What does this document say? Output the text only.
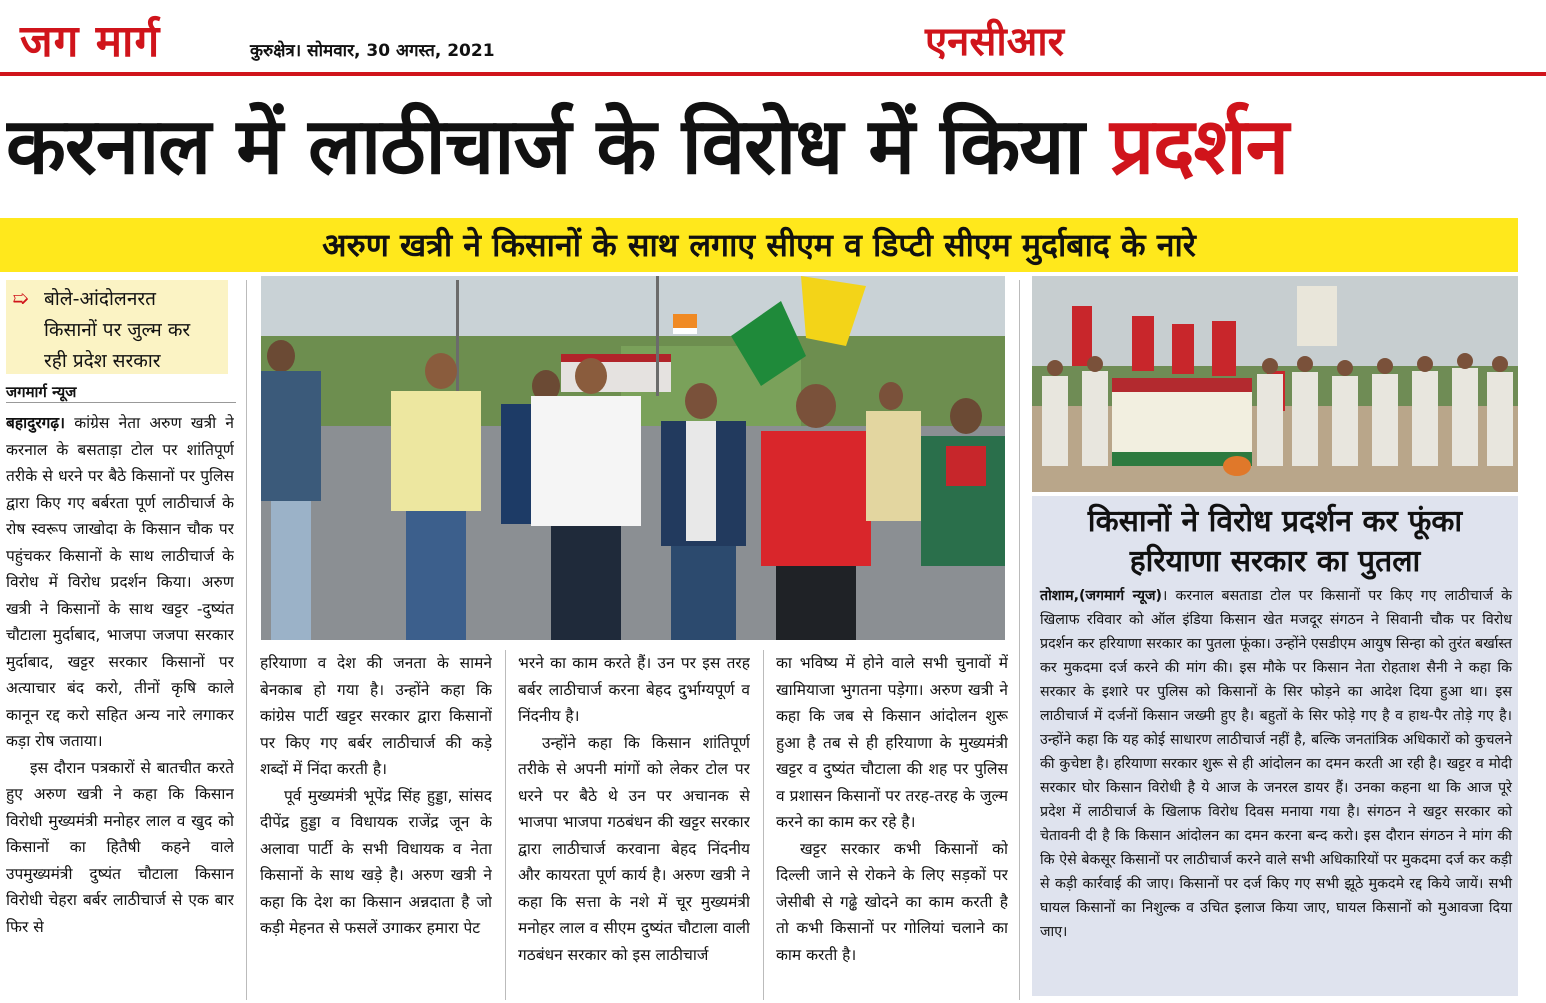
जग मार्ग	कुरुक्षेत्र। सोमवार, 30 अगस्त, 2021	एनसीआर
करनाल में लाठीचार्ज के विरोध में किया प्रदर्शन
अरुण खत्री ने किसानों के साथ लगाए सीएम व डिप्टी सीएम मुर्दाबाद के नारे
➯ बोले-आंदोलनरत
किसानों पर जुल्म कर
रही प्रदेश सरकार
जगमार्ग न्यूज

बहादुरगढ़। कांग्रेस नेता अरुण खत्री ने करनाल के बसताड़ा टोल पर शांतिपूर्ण तरीके से धरने पर बैठे किसानों पर पुलिस द्वारा किए गए बर्बरता पूर्ण लाठीचार्ज के रोष स्वरूप जाखोदा के किसान चौक पर पहुंचकर किसानों के साथ लाठीचार्ज के विरोध में विरोध प्रदर्शन किया। अरुण खत्री ने किसानों के साथ खट्टर -दुष्यंत चौटाला मुर्दाबाद, भाजपा जजपा सरकार मुर्दाबाद, खट्टर सरकार किसानों पर अत्याचार बंद करो, तीनों कृषि काले कानून रद्द करो सहित अन्य नारे लगाकर कड़ा रोष जताया।

इस दौरान पत्रकारों से बातचीत करते हुए अरुण खत्री ने कहा कि किसान विरोधी मुख्यमंत्री मनोहर लाल व खुद को किसानों का हितैषी कहने वाले उपमुख्यमंत्री दुष्यंत चौटाला किसान विरोधी चेहरा बर्बर लाठीचार्ज से एक बार फिर से

हरियाणा व देश की जनता के सामने बेनकाब हो गया है। उन्होंने कहा कि कांग्रेस पार्टी खट्टर सरकार द्वारा किसानों पर किए गए बर्बर लाठीचार्ज की कड़े शब्दों में निंदा करती है।

पूर्व मुख्यमंत्री भूपेंद्र सिंह हुड्डा, सांसद दीपेंद्र हुड्डा व विधायक राजेंद्र जून के अलावा पार्टी के सभी विधायक व नेता किसानों के साथ खड़े है। अरुण खत्री ने कहा कि देश का किसान अन्नदाता है जो कड़ी मेहनत से फसलें उगाकर हमारा पेट

भरने का काम करते हैं। उन पर इस तरह बर्बर लाठीचार्ज करना बेहद दुर्भाग्यपूर्ण व निंदनीय है।

उन्होंने कहा कि किसान शांतिपूर्ण तरीके से अपनी मांगों को लेकर टोल पर धरने पर बैठे थे उन पर अचानक से भाजपा भाजपा गठबंधन की खट्टर सरकार द्वारा लाठीचार्ज करवाना बेहद निंदनीय और कायरता पूर्ण कार्य है। अरुण खत्री ने कहा कि सत्ता के नशे में चूर मुख्यमंत्री मनोहर लाल व सीएम दुष्यंत चौटाला वाली गठबंधन सरकार को इस लाठीचार्ज

का भविष्य में होने वाले सभी चुनावों में खामियाजा भुगतना पड़ेगा। अरुण खत्री ने कहा कि जब से किसान आंदोलन शुरू हुआ है तब से ही हरियाणा के मुख्यमंत्री खट्टर व दुष्यंत चौटाला की शह पर पुलिस व प्रशासन किसानों पर तरह-तरह के जुल्म करने का काम कर रहे है।

खट्टर सरकार कभी किसानों को दिल्ली जाने से रोकने के लिए सड़कों पर जेसीबी से गढ्ढे खोदने का काम करती है तो कभी किसानों पर गोलियां चलाने का काम करती है।

किसानों ने विरोध प्रदर्शन कर फूंका
हरियाणा सरकार का पुतला
तोशाम,(जगमार्ग न्यूज)। करनाल बसताडा टोल पर किसानों पर किए गए लाठीचार्ज के खिलाफ रविवार को ऑल इंडिया किसान खेत मजदूर संगठन ने सिवानी चौक पर विरोध प्रदर्शन कर हरियाणा सरकार का पुतला फूंका। उन्होंने एसडीएम आयुष सिन्हा को तुरंत बर्खास्त कर मुकदमा दर्ज करने की मांग की। इस मौके पर किसान नेता रोहताश सैनी ने कहा कि सरकार के इशारे पर पुलिस को किसानों के सिर फोड़ने का आदेश दिया हुआ था। इस लाठीचार्ज में दर्जनों किसान जख्मी हुए है। बहुतों के सिर फोड़े गए है व हाथ-पैर तोड़े गए है। उन्होंने कहा कि यह कोई साधारण लाठीचार्ज नहीं है, बल्कि जनतांत्रिक अधिकारों को कुचलने की कुचेष्टा है। हरियाणा सरकार शुरू से ही आंदोलन का दमन करती आ रही है। खट्टर व मोदी सरकार घोर किसान विरोधी है ये आज के जनरल डायर हैं। उनका कहना था कि आज पूरे प्रदेश में लाठीचार्ज के खिलाफ विरोध दिवस मनाया गया है। संगठन ने खट्टर सरकार को चेतावनी दी है कि किसान आंदोलन का दमन करना बन्द करो। इस दौरान संगठन ने मांग की कि ऐसे बेकसूर किसानों पर लाठीचार्ज करने वाले सभी अधिकारियों पर मुकदमा दर्ज कर कड़ी से कड़ी कार्रवाई की जाए। किसानों पर दर्ज किए गए सभी झूठे मुकदमे रद्द किये जायें। सभी घायल किसानों का निशुल्क व उचित इलाज किया जाए, घायल किसानों को मुआवजा दिया जाए।
